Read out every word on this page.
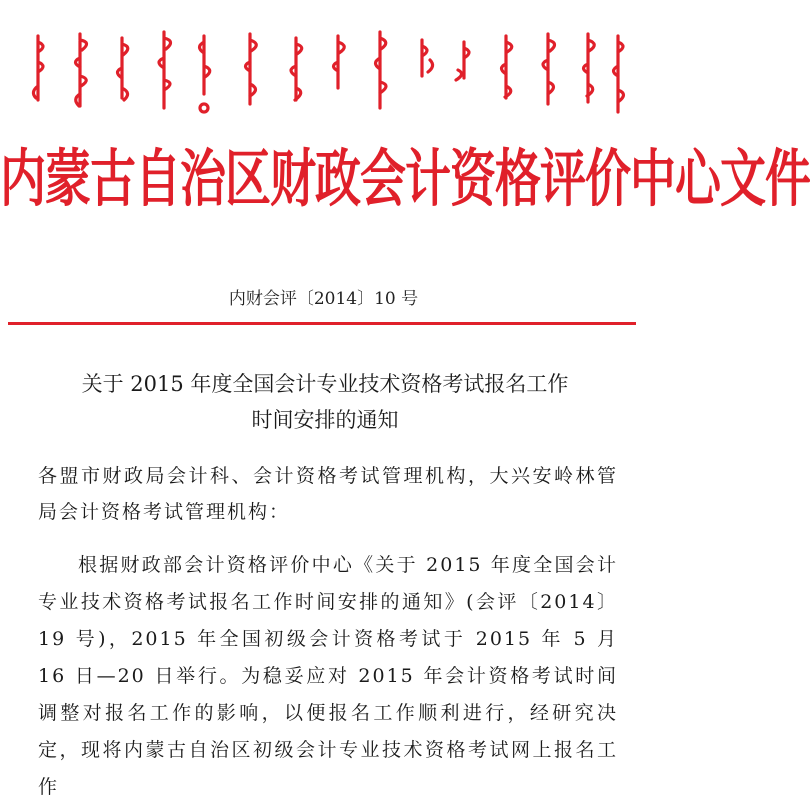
内蒙古自治区财政会计资格评价中心文件
内财会评〔2014〕10 号
关于 2015 年度全国会计专业技术资格考试报名工作
时间安排的通知
各盟市财政局会计科、会计资格考试管理机构，大兴安岭林管局会计资格考试管理机构：
根据财政部会计资格评价中心《关于 2015 年度全国会计专业技术资格考试报名工作时间安排的通知》(会评〔2014〕19 号)，2015 年全国初级会计资格考试于 2015 年 5 月 16 日—20 日举行。为稳妥应对 2015 年会计资格考试时间调整对报名工作的影响，以便报名工作顺利进行，经研究决定，现将内蒙古自治区初级会计专业技术资格考试网上报名工作
